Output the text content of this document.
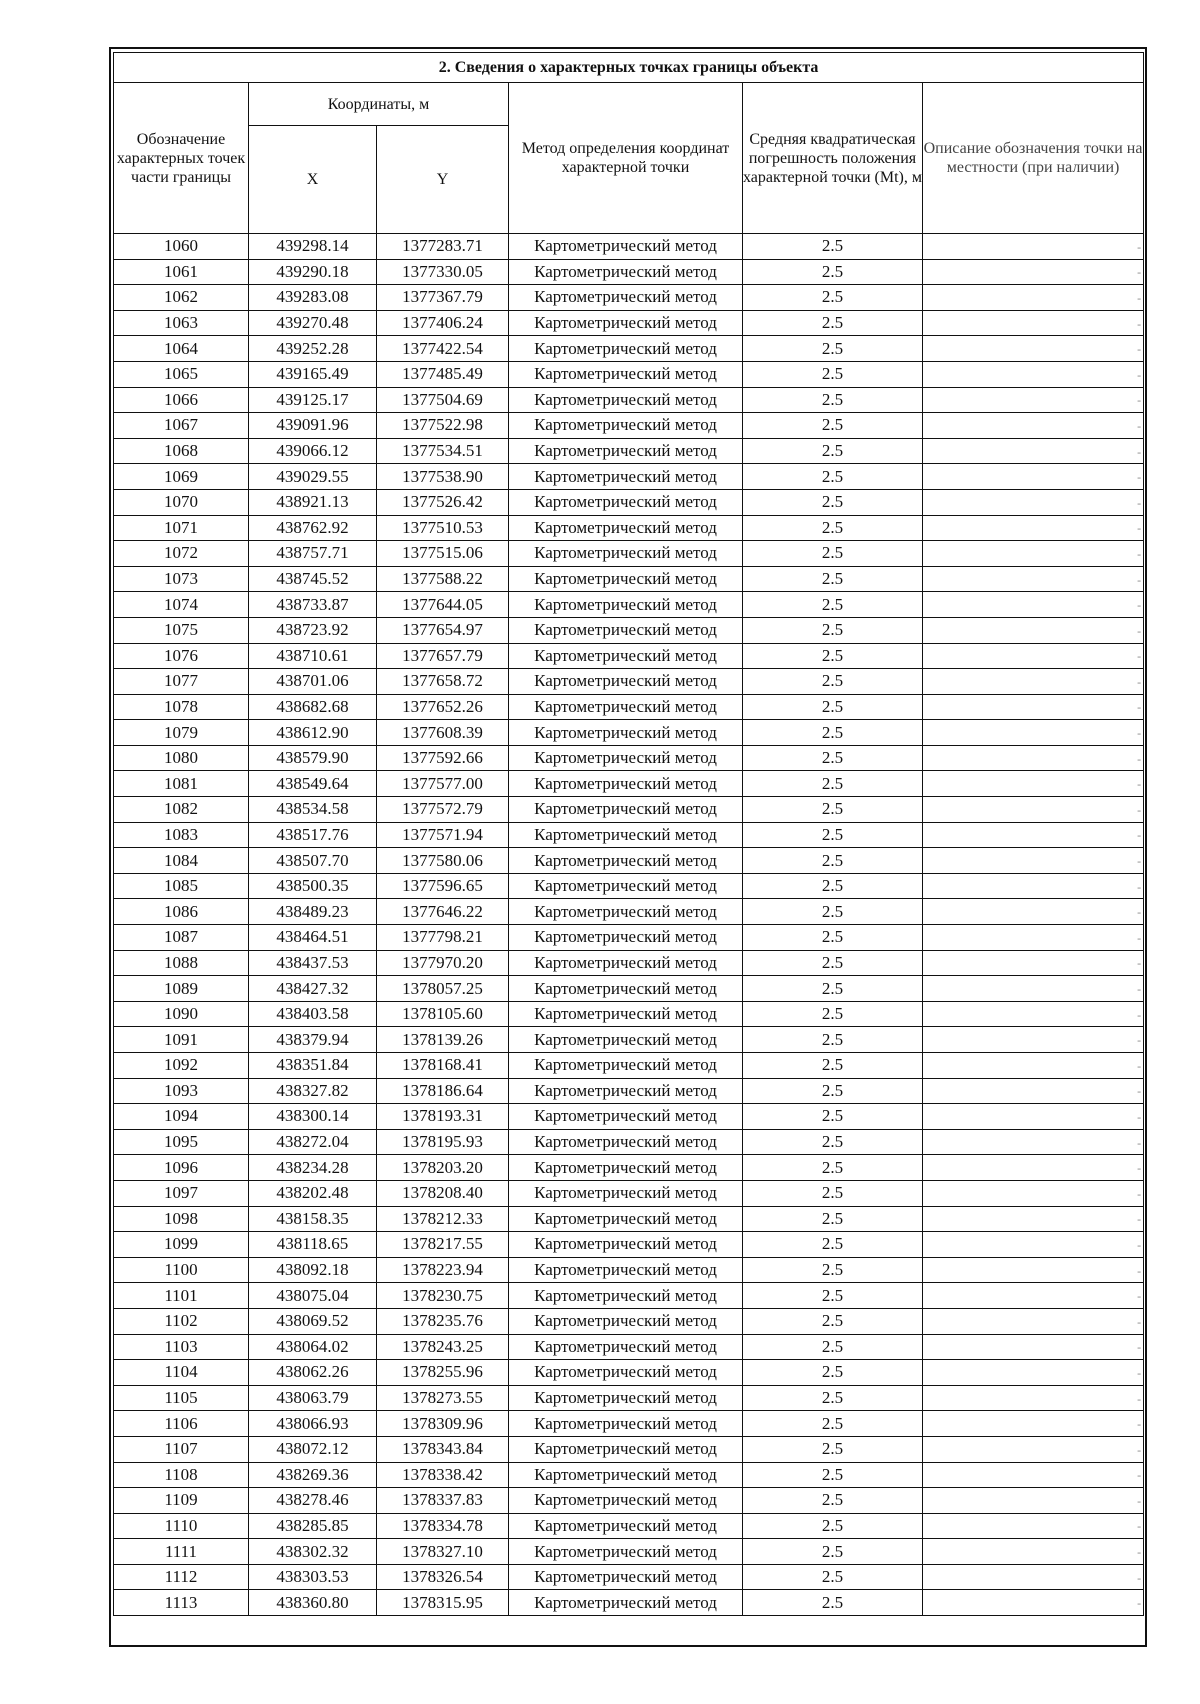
2. Сведения о характерных точках границы объекта					
Обозначение характерных точек части границы	Координаты, м		Метод определения координат характерной точки	Средняя квадратическая погрешность положения характерной точки (Mt), м	Описание обозначения точки на местности (при наличии)
	X	Y			
1060	439298.14	1377283.71	Картометрический метод	2.5	-
1061	439290.18	1377330.05	Картометрический метод	2.5	-
1062	439283.08	1377367.79	Картометрический метод	2.5	-
1063	439270.48	1377406.24	Картометрический метод	2.5	-
1064	439252.28	1377422.54	Картометрический метод	2.5	-
1065	439165.49	1377485.49	Картометрический метод	2.5	-
1066	439125.17	1377504.69	Картометрический метод	2.5	-
1067	439091.96	1377522.98	Картометрический метод	2.5	-
1068	439066.12	1377534.51	Картометрический метод	2.5	-
1069	439029.55	1377538.90	Картометрический метод	2.5	-
1070	438921.13	1377526.42	Картометрический метод	2.5	-
1071	438762.92	1377510.53	Картометрический метод	2.5	-
1072	438757.71	1377515.06	Картометрический метод	2.5	-
1073	438745.52	1377588.22	Картометрический метод	2.5	-
1074	438733.87	1377644.05	Картометрический метод	2.5	-
1075	438723.92	1377654.97	Картометрический метод	2.5	-
1076	438710.61	1377657.79	Картометрический метод	2.5	-
1077	438701.06	1377658.72	Картометрический метод	2.5	-
1078	438682.68	1377652.26	Картометрический метод	2.5	-
1079	438612.90	1377608.39	Картометрический метод	2.5	-
1080	438579.90	1377592.66	Картометрический метод	2.5	-
1081	438549.64	1377577.00	Картометрический метод	2.5	-
1082	438534.58	1377572.79	Картометрический метод	2.5	-
1083	438517.76	1377571.94	Картометрический метод	2.5	-
1084	438507.70	1377580.06	Картометрический метод	2.5	-
1085	438500.35	1377596.65	Картометрический метод	2.5	-
1086	438489.23	1377646.22	Картометрический метод	2.5	-
1087	438464.51	1377798.21	Картометрический метод	2.5	-
1088	438437.53	1377970.20	Картометрический метод	2.5	-
1089	438427.32	1378057.25	Картометрический метод	2.5	-
1090	438403.58	1378105.60	Картометрический метод	2.5	-
1091	438379.94	1378139.26	Картометрический метод	2.5	-
1092	438351.84	1378168.41	Картометрический метод	2.5	-
1093	438327.82	1378186.64	Картометрический метод	2.5	-
1094	438300.14	1378193.31	Картометрический метод	2.5	-
1095	438272.04	1378195.93	Картометрический метод	2.5	-
1096	438234.28	1378203.20	Картометрический метод	2.5	-
1097	438202.48	1378208.40	Картометрический метод	2.5	-
1098	438158.35	1378212.33	Картометрический метод	2.5	-
1099	438118.65	1378217.55	Картометрический метод	2.5	-
1100	438092.18	1378223.94	Картометрический метод	2.5	-
1101	438075.04	1378230.75	Картометрический метод	2.5	-
1102	438069.52	1378235.76	Картометрический метод	2.5	-
1103	438064.02	1378243.25	Картометрический метод	2.5	-
1104	438062.26	1378255.96	Картометрический метод	2.5	-
1105	438063.79	1378273.55	Картометрический метод	2.5	-
1106	438066.93	1378309.96	Картометрический метод	2.5	-
1107	438072.12	1378343.84	Картометрический метод	2.5	-
1108	438269.36	1378338.42	Картометрический метод	2.5	-
1109	438278.46	1378337.83	Картометрический метод	2.5	-
1110	438285.85	1378334.78	Картометрический метод	2.5	-
1111	438302.32	1378327.10	Картометрический метод	2.5	-
1112	438303.53	1378326.54	Картометрический метод	2.5	-
1113	438360.80	1378315.95	Картометрический метод	2.5	-
